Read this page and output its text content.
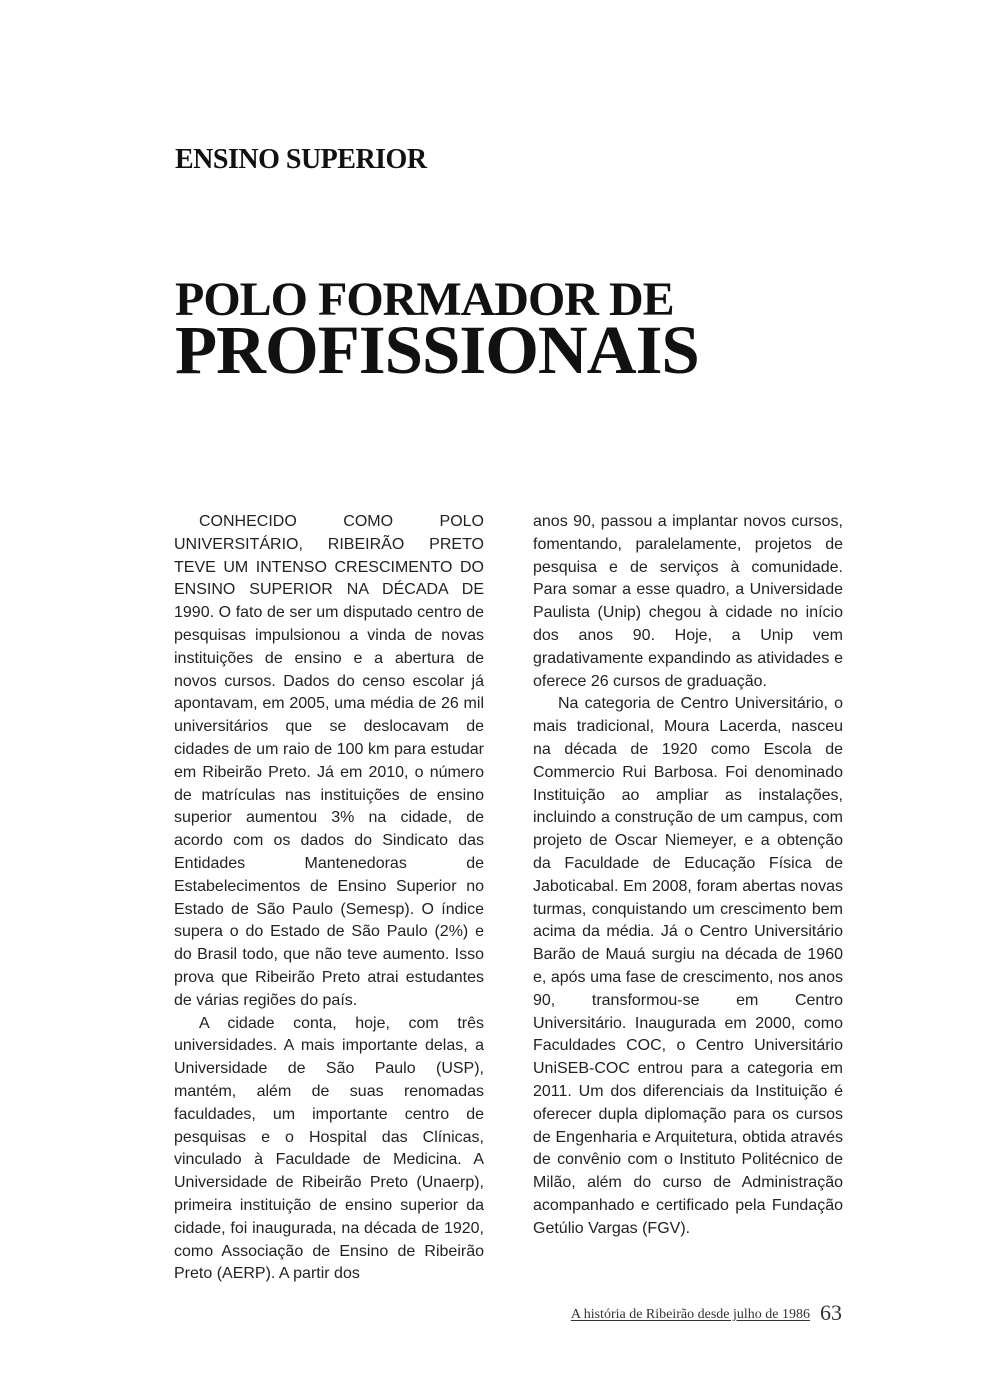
ENSINO SUPERIOR
POLO FORMADOR DE
PROFISSIONAIS

CONHECIDO COMO POLO UNIVERSITÁRIO, RIBEIRÃO PRETO TEVE UM INTENSO CRESCIMENTO DO ENSINO SUPERIOR NA DÉCADA DE 1990. O fato de ser um disputado centro de pesquisas impulsionou a vinda de novas instituições de ensino e a abertura de novos cursos. Dados do censo escolar já apontavam, em 2005, uma média de 26 mil universitários que se deslocavam de cidades de um raio de 100 km para estudar em Ribeirão Preto. Já em 2010, o número de matrículas nas instituições de ensino superior aumentou 3% na cidade, de acordo com os dados do Sindicato das Entidades Mantenedoras de Estabelecimentos de Ensino Superior no Estado de São Paulo (Semesp). O índice supera o do Estado de São Paulo (2%) e do Brasil todo, que não teve aumento. Isso prova que Ribeirão Preto atrai estudantes de várias regiões do país.

A cidade conta, hoje, com três universidades. A mais importante delas, a Universidade de São Paulo (USP), mantém, além de suas renomadas faculdades, um importante centro de pesquisas e o Hospital das Clínicas, vinculado à Faculdade de Medicina. A Universidade de Ribeirão Preto (Unaerp), primeira instituição de ensino superior da cidade, foi inaugurada, na década de 1920, como Associação de Ensino de Ribeirão Preto (AERP). A partir dos

anos 90, passou a implantar novos cursos, fomentando, paralelamente, projetos de pesquisa e de serviços à comunidade. Para somar a esse quadro, a Universidade Paulista (Unip) chegou à cidade no início dos anos 90. Hoje, a Unip vem gradativamente expandindo as atividades e oferece 26 cursos de graduação.

Na categoria de Centro Universitário, o mais tradicional, Moura Lacerda, nasceu na década de 1920 como Escola de Commercio Rui Barbosa. Foi denominado Instituição ao ampliar as instalações, incluindo a construção de um campus, com projeto de Oscar Niemeyer, e a obtenção da Faculdade de Educação Física de Jaboticabal. Em 2008, foram abertas novas turmas, conquistando um crescimento bem acima da média. Já o Centro Universitário Barão de Mauá surgiu na década de 1960 e, após uma fase de crescimento, nos anos 90, transformou-se em Centro Universitário. Inaugurada em 2000, como Faculdades COC, o Centro Universitário UniSEB-COC entrou para a categoria em 2011. Um dos diferenciais da Instituição é oferecer dupla diplomação para os cursos de Engenharia e Arquitetura, obtida através de convênio com o Instituto Politécnico de Milão, além do curso de Administração acompanhado e certificado pela Fundação Getúlio Vargas (FGV).

A história de Ribeirão desde julho de 1986 63
